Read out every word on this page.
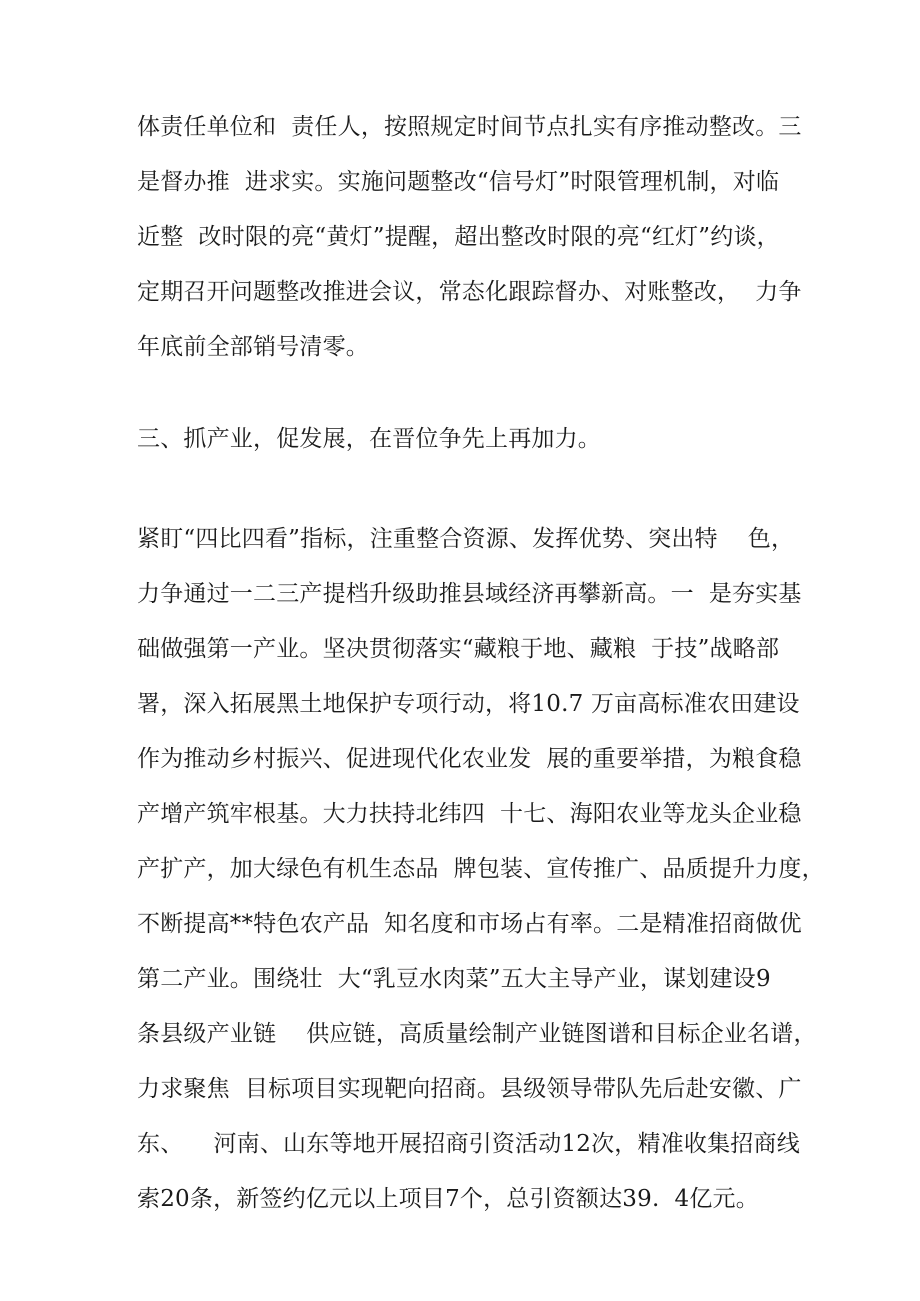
体责任单位和  责任人，按照规定时间节点扎实有序推动整改。三
是督办推  进求实。实施问题整改“信号灯”时限管理机制，对临
近整  改时限的亮“黄灯”提醒，超出整改时限的亮“红灯”约谈，
定期召开问题整改推进会议，常态化跟踪督办、对账整改，  力争
年底前全部销号清零。
三、抓产业，促发展，在晋位争先上再加力。
紧盯“四比四看”指标，注重整合资源、发挥优势、突出特    色，
力争通过一二三产提档升级助推县域经济再攀新高。一  是夯实基
础做强第一产业。坚决贯彻落实“藏粮于地、藏粮  于技”战略部
署，深入拓展黑土地保护专项行动，将10.7 万亩高标准农田建设
作为推动乡村振兴、促进现代化农业发  展的重要举措，为粮食稳
产增产筑牢根基。大力扶持北纬四  十七、海阳农业等龙头企业稳
产扩产，加大绿色有机生态品  牌包装、宣传推广、品质提升力度，
不断提高**特色农产品  知名度和市场占有率。二是精准招商做优
第二产业。围绕壮  大“乳豆水肉菜”五大主导产业，谋划建设9
条县级产业链    供应链，高质量绘制产业链图谱和目标企业名谱，
力求聚焦  目标项目实现靶向招商。县级领导带队先后赴安徽、广
东、    河南、山东等地开展招商引资活动12次，精准收集招商线
索20条，新签约亿元以上项目7个，总引资额达39.  4亿元。
